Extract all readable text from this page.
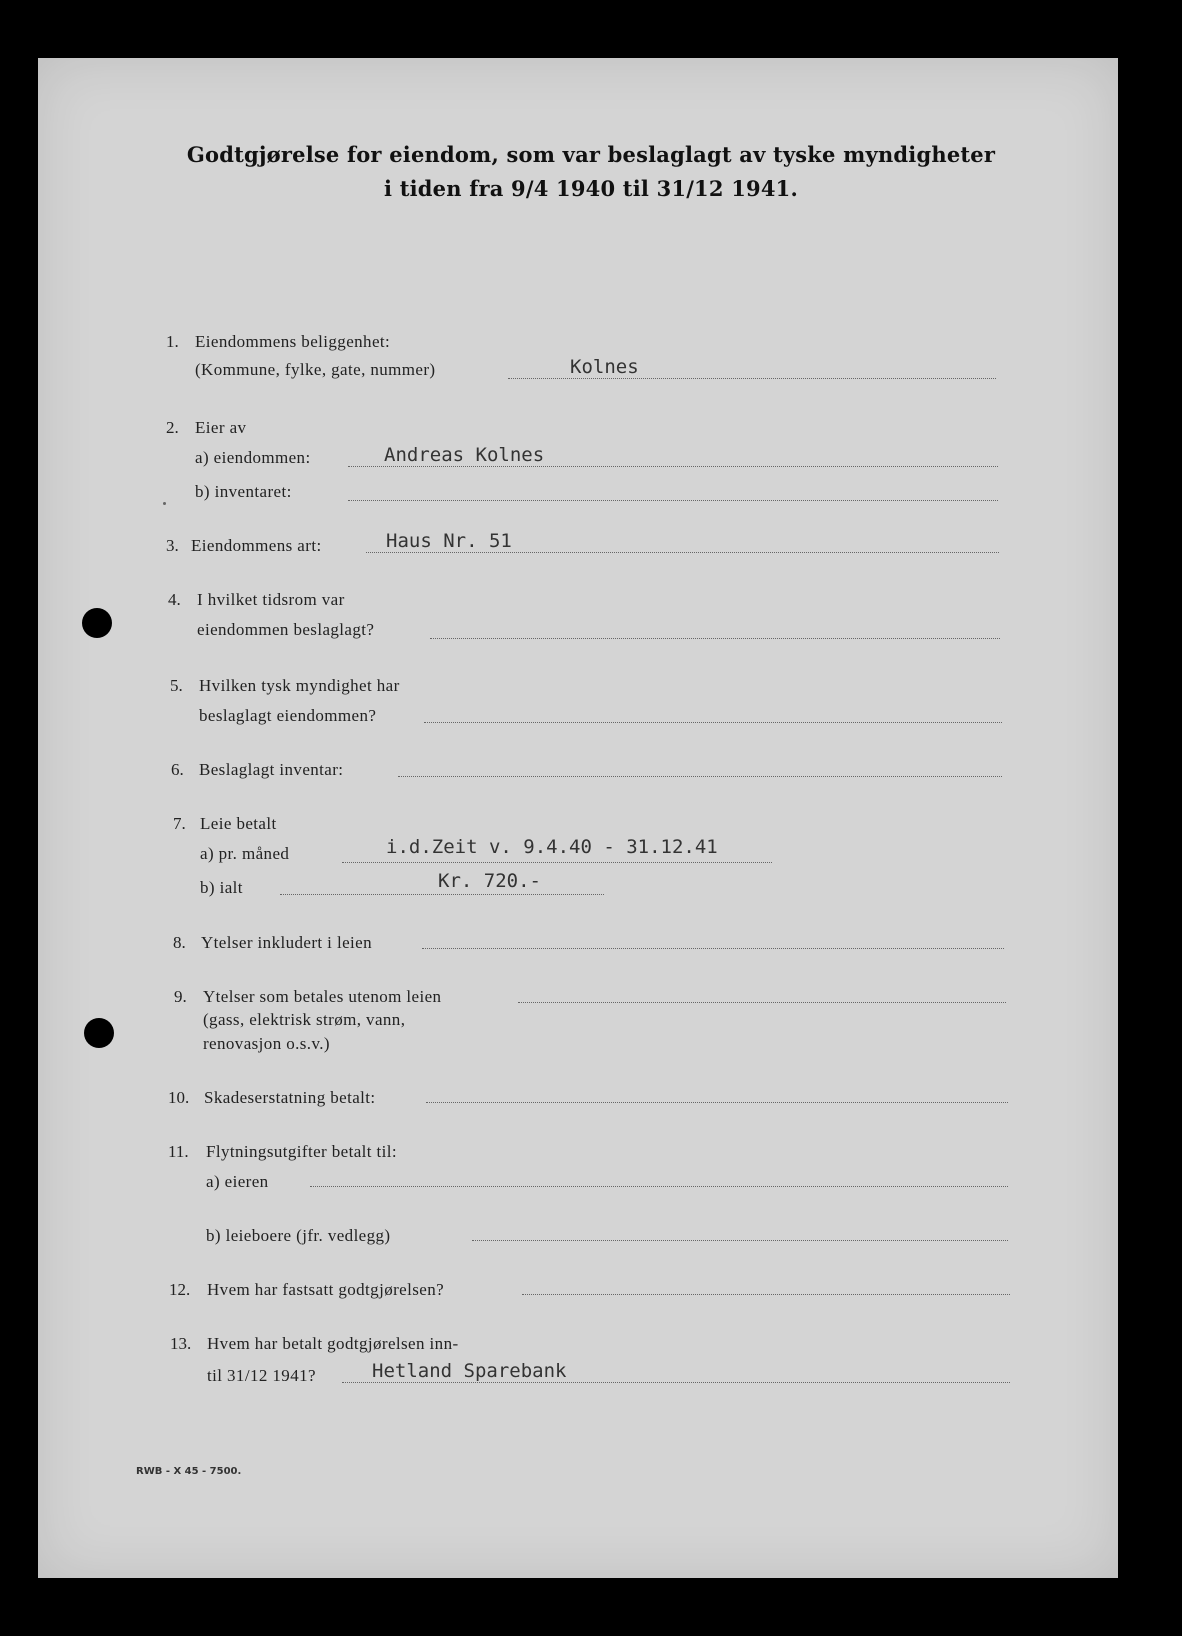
Godtgjørelse for eiendom, som var beslaglagt av tyske myndigheter
i tiden fra 9/4 1940 til 31/12 1941.
1. Eiendommens beliggenhet:
(Kommune, fylke, gate, nummer)	Kolnes
2. Eier av
a) eiendommen:	Andreas Kolnes
b) inventaret:
3. Eiendommens art:	Haus Nr. 51
4. I hvilket tidsrom var
eiendommen beslaglagt?
5. Hvilken tysk myndighet har
beslaglagt eiendommen?
6. Beslaglagt inventar:
7. Leie betalt
a) pr. måned	i.d.Zeit v. 9.4.40 - 31.12.41
b) ialt	Kr. 720.-
8. Ytelser inkludert i leien
9. Ytelser som betales utenom leien
(gass, elektrisk strøm, vann,
renovasjon o.s.v.)
10. Skadeserstatning betalt:
11. Flytningsutgifter betalt til:
a) eieren
b) leieboere (jfr. vedlegg)
12. Hvem har fastsatt godtgjørelsen?
13. Hvem har betalt godtgjørelsen inn-
til 31/12 1941?	Hetland Sparebank
RWB - X 45 - 7500.
